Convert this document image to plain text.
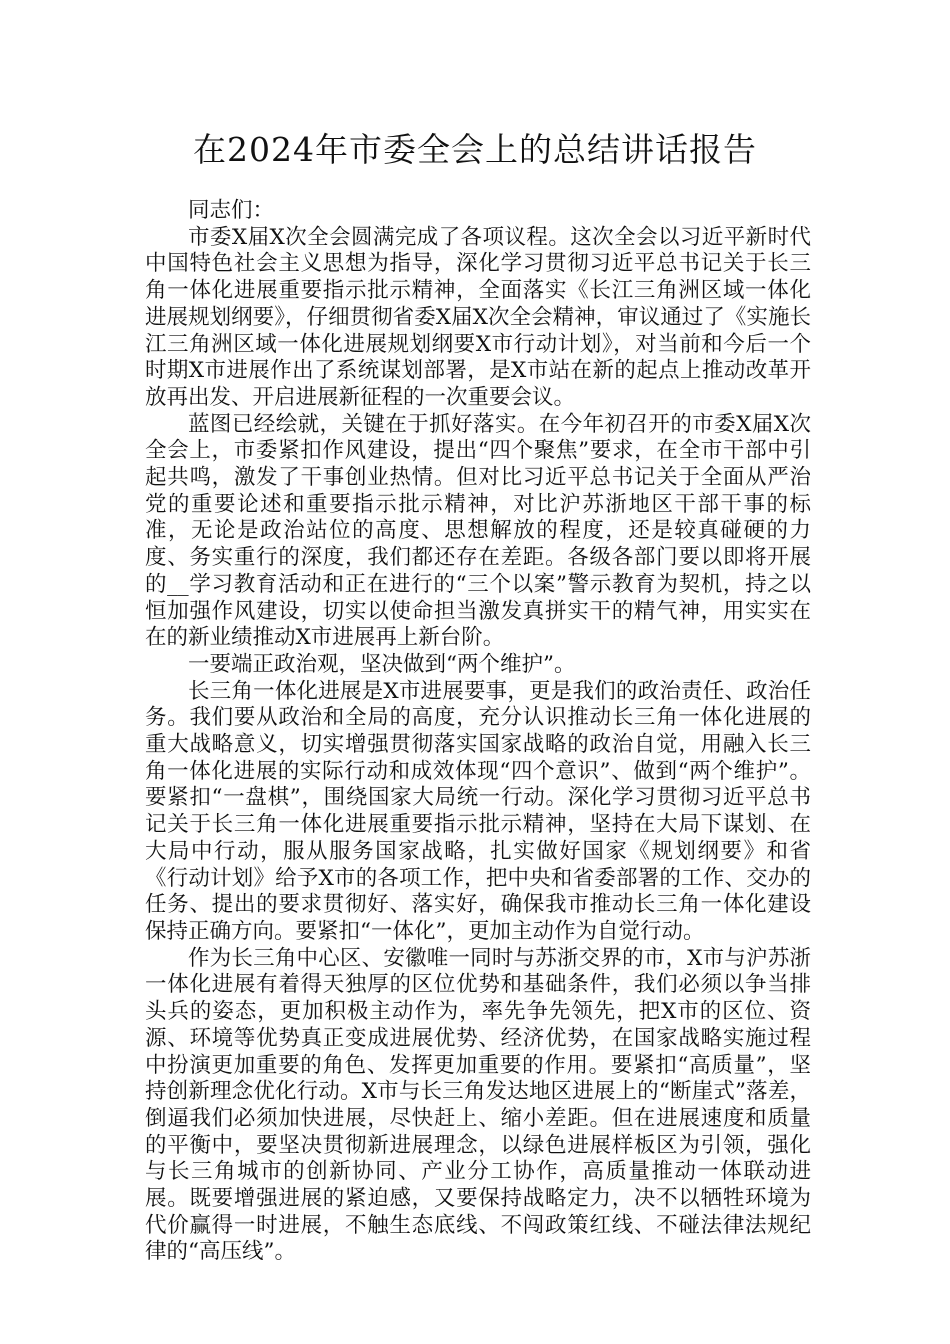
在2024年市委全会上的总结讲话报告

同志们：

市委X届X次全会圆满完成了各项议程。这次全会以习近平新时代中国特色社会主义思想为指导，深化学习贯彻习近平总书记关于长三角一体化进展重要指示批示精神，全面落实《长江三角洲区域一体化进展规划纲要》，仔细贯彻省委X届X次全会精神，审议通过了《实施长江三角洲区域一体化进展规划纲要X市行动计划》，对当前和今后一个时期X市进展作出了系统谋划部署，是X市站在新的起点上推动改革开放再出发、开启进展新征程的一次重要会议。

蓝图已经绘就，关键在于抓好落实。在今年初召开的市委X届X次全会上，市委紧扣作风建设，提出“四个聚焦”要求，在全市干部中引起共鸣，激发了干事创业热情。但对比习近平总书记关于全面从严治党的重要论述和重要指示批示精神，对比沪苏浙地区干部干事的标准，无论是政治站位的高度、思想解放的程度，还是较真碰硬的力度、务实重行的深度，我们都还存在差距。各级各部门要以即将开展的__学习教育活动和正在进行的“三个以案”警示教育为契机，持之以恒加强作风建设，切实以使命担当激发真拼实干的精气神，用实实在在的新业绩推动X市进展再上新台阶。

一要端正政治观，坚决做到“两个维护”。

长三角一体化进展是X市进展要事，更是我们的政治责任、政治任务。我们要从政治和全局的高度，充分认识推动长三角一体化进展的重大战略意义，切实增强贯彻落实国家战略的政治自觉，用融入长三角一体化进展的实际行动和成效体现“四个意识”、做到“两个维护”。要紧扣“一盘棋”，围绕国家大局统一行动。深化学习贯彻习近平总书记关于长三角一体化进展重要指示批示精神，坚持在大局下谋划、在大局中行动，服从服务国家战略，扎实做好国家《规划纲要》和省《行动计划》给予X市的各项工作，把中央和省委部署的工作、交办的任务、提出的要求贯彻好、落实好，确保我市推动长三角一体化建设保持正确方向。要紧扣“一体化”，更加主动作为自觉行动。

作为长三角中心区、安徽唯一同时与苏浙交界的市，X市与沪苏浙一体化进展有着得天独厚的区位优势和基础条件，我们必须以争当排头兵的姿态，更加积极主动作为，率先争先领先，把X市的区位、资源、环境等优势真正变成进展优势、经济优势，在国家战略实施过程中扮演更加重要的角色、发挥更加重要的作用。要紧扣“高质量”，坚持创新理念优化行动。X市与长三角发达地区进展上的“断崖式”落差，倒逼我们必须加快进展，尽快赶上、缩小差距。但在进展速度和质量的平衡中，要坚决贯彻新进展理念，以绿色进展样板区为引领，强化与长三角城市的创新协同、产业分工协作，高质量推动一体联动进展。既要增强进展的紧迫感，又要保持战略定力，决不以牺牲环境为代价赢得一时进展，不触生态底线、不闯政策红线、不碰法律法规纪律的“高压线”。
